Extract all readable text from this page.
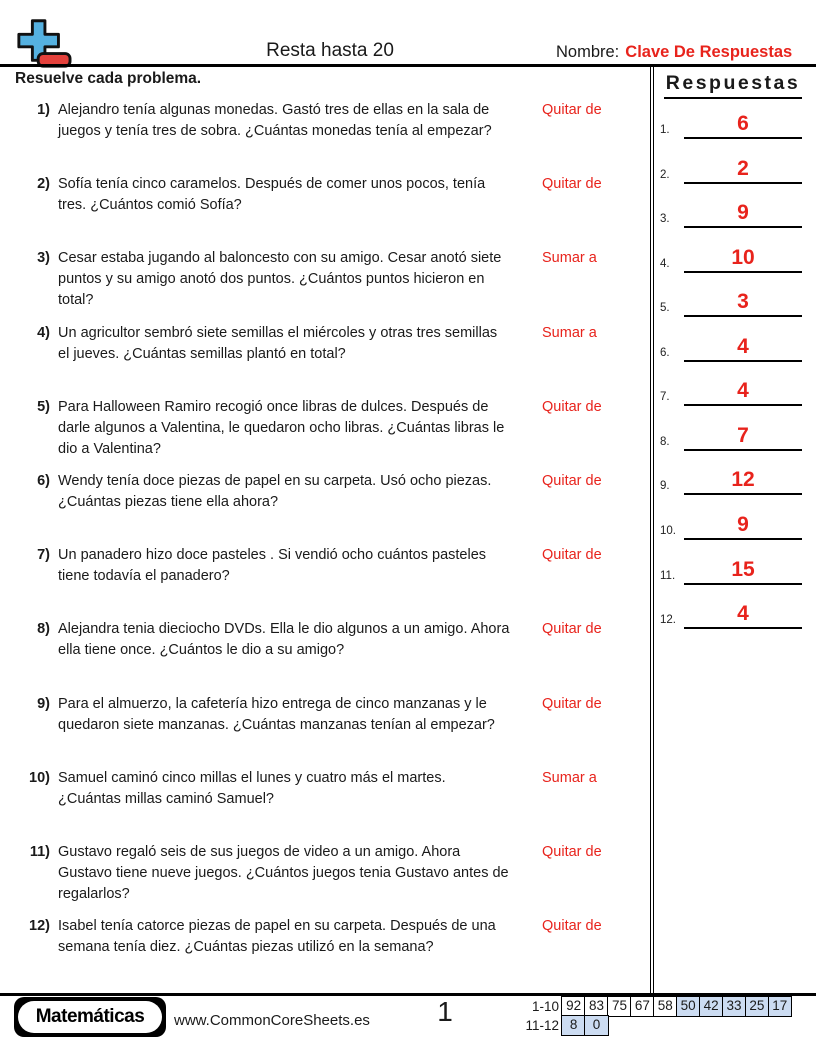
Resta hasta 20	Nombre: Clave De Respuestas
Resuelve cada problema.
1) Alejandro tenía algunas monedas. Gastó tres de ellas en la sala de juegos y tenía tres de sobra. ¿Cuántas monedas tenía al empezar?
Quitar de
2) Sofía tenía cinco caramelos. Después de comer unos pocos, tenía tres. ¿Cuántos comió Sofía?
Quitar de
3) Cesar estaba jugando al baloncesto con su amigo. Cesar anotó siete puntos y su amigo anotó dos puntos. ¿Cuántos puntos hicieron en total?
Sumar a
4) Un agricultor sembró siete semillas el miércoles y otras tres semillas el jueves. ¿Cuántas semillas plantó en total?
Sumar a
5) Para Halloween Ramiro recogió once libras de dulces. Después de darle algunos a Valentina, le quedaron ocho libras. ¿Cuántas libras le dio a Valentina?
Quitar de
6) Wendy tenía doce piezas de papel en su carpeta. Usó ocho piezas. ¿Cuántas piezas tiene ella ahora?
Quitar de
7) Un panadero hizo doce pasteles . Si vendió ocho cuántos pasteles tiene todavía el panadero?
Quitar de
8) Alejandra tenia dieciocho DVDs. Ella le dio algunos a un amigo. Ahora ella tiene once. ¿Cuántos le dio a su amigo?
Quitar de
9) Para el almuerzo, la cafetería hizo entrega de cinco manzanas y le quedaron siete manzanas. ¿Cuántas manzanas tenían al empezar?
Quitar de
10) Samuel caminó cinco millas el lunes y cuatro más el martes. ¿Cuántas millas caminó Samuel?
Sumar a
11) Gustavo regaló seis de sus juegos de video a un amigo. Ahora Gustavo tiene nueve juegos. ¿Cuántos juegos tenia Gustavo antes de regalarlos?
Quitar de
12) Isabel tenía catorce piezas de papel en su carpeta. Después de una semana tenía diez. ¿Cuántas piezas utilizó en la semana?
Quitar de
Respuestas
1.	6
2.	2
3.	9
4.	10
5.	3
6.	4
7.	4
8.	7
9.	12
10.	9
11.	15
12.	4
Matemáticas www.CommonCoreSheets.es	1	1-10 92 83 75 67 58 50 42 33 25 17
11-12 8	0
